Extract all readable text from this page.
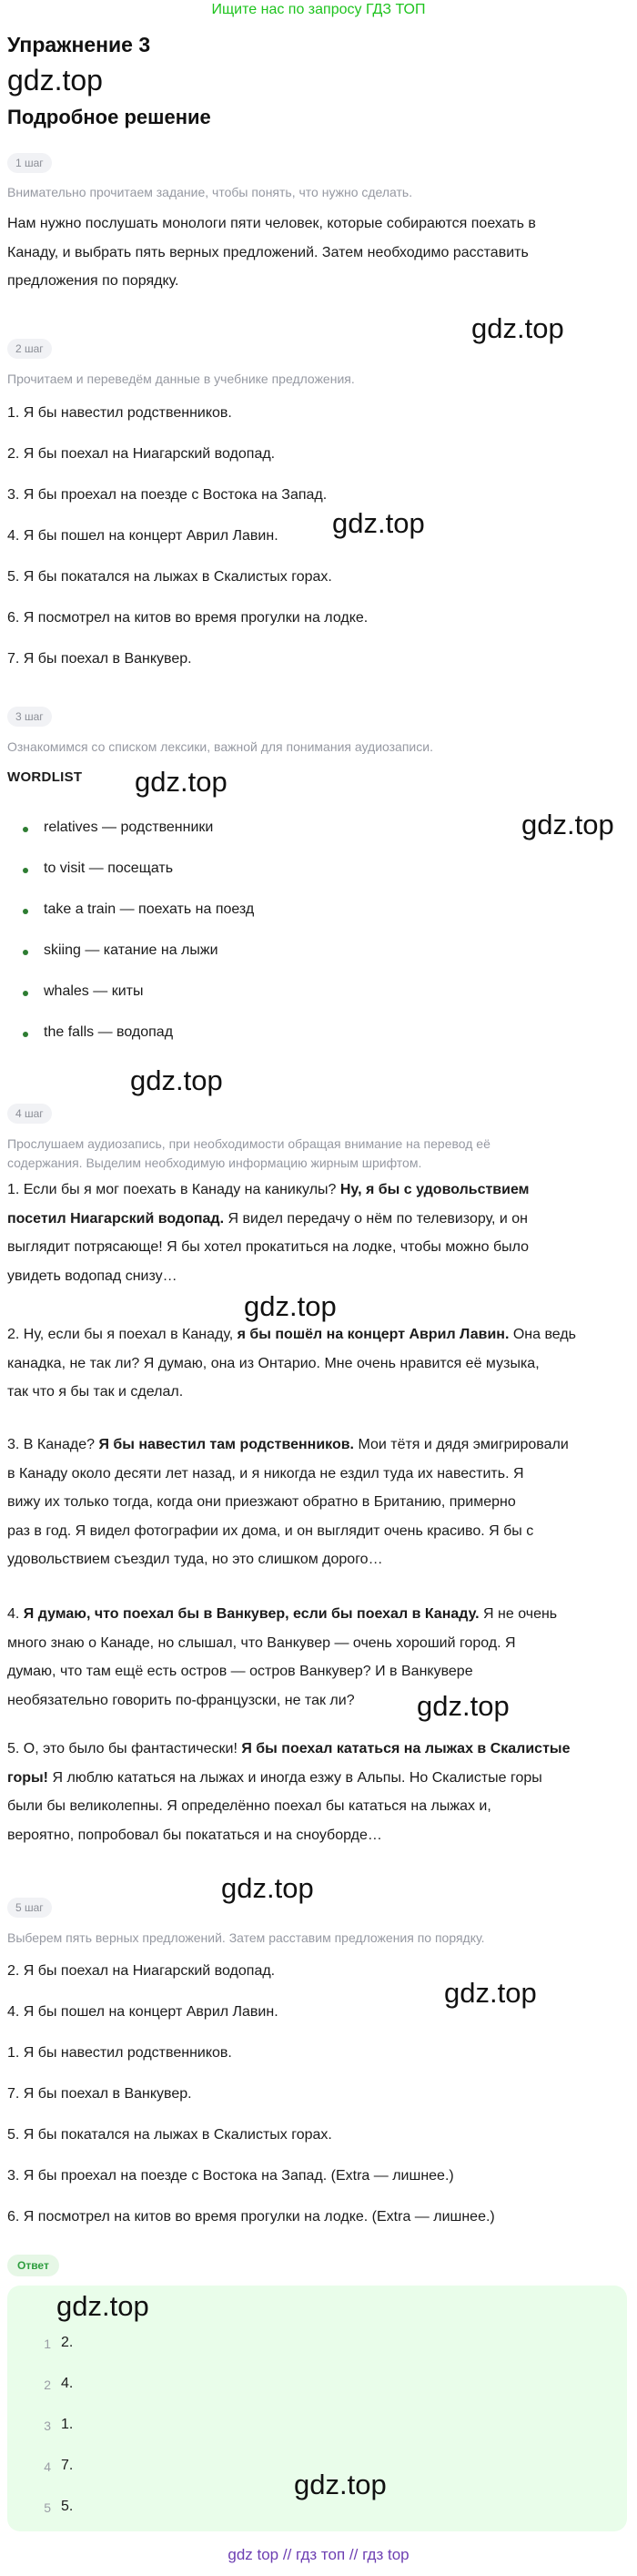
Ищите нас по запросу ГДЗ ТОП
Упражнение 3
gdz.top
Подробное решение
1 шаг
Внимательно прочитаем задание, чтобы понять, что нужно сделать.
Нам нужно послушать монологи пяти человек, которые собираются поехать в
Канаду, и выбрать пять верных предложений. Затем необходимо расставить
предложения по порядку.
gdz.top
2 шаг
Прочитаем и переведём данные в учебнике предложения.
1. Я бы навестил родственников.
2. Я бы поехал на Ниагарский водопад.
3. Я бы проехал на поезде с Востока на Запад.
4. Я бы пошел на концерт Аврил Лавин. gdz.top
5. Я бы покатался на лыжах в Скалистых горах.
6. Я посмотрел на китов во время прогулки на лодке.
7. Я бы поехал в Ванкувер.
3 шаг
Ознакомимся со списком лексики, важной для понимания аудиозаписи.
WORDLIST gdz.top
gdz.top
relatives — родственники
to visit — посещать
take a train — поехать на поезд
skiing — катание на лыжи
whales — киты
the falls — водопад
gdz.top
4 шаг
Прослушаем аудиозапись, при необходимости обращая внимание на перевод её
содержания. Выделим необходимую информацию жирным шрифтом.
1. Если бы я мог поехать в Канаду на каникулы? Ну, я бы с удовольствием
посетил Ниагарский водопад. Я видел передачу о нём по телевизору, и он
выглядит потрясающе! Я бы хотел прокатиться на лодке, чтобы можно было
увидеть водопад снизу…
gdz.top
2. Ну, если бы я поехал в Канаду, я бы пошёл на концерт Аврил Лавин. Она ведь
канадка, не так ли? Я думаю, она из Онтарио. Мне очень нравится её музыка,
так что я бы так и сделал.
3. В Канаде? Я бы навестил там родственников. Мои тётя и дядя эмигрировали
в Канаду около десяти лет назад, и я никогда не ездил туда их навестить. Я
вижу их только тогда, когда они приезжают обратно в Британию, примерно
раз в год. Я видел фотографии их дома, и он выглядит очень красиво. Я бы с
удовольствием съездил туда, но это слишком дорого…
4. Я думаю, что поехал бы в Ванкувер, если бы поехал в Канаду. Я не очень
много знаю о Канаде, но слышал, что Ванкувер — очень хороший город. Я
думаю, что там ещё есть остров — остров Ванкувер? И в Ванкувере
необязательно говорить по-французски, не так ли?	gdz.top
5. О, это было бы фантастически! Я бы поехал кататься на лыжах в Скалистые
горы! Я люблю кататься на лыжах и иногда езжу в Альпы. Но Скалистые горы
были бы великолепны. Я определённо поехал бы кататься на лыжах и,
вероятно, попробовал бы покататься и на сноуборде…
gdz.top
5 шаг
Выберем пять верных предложений. Затем расставим предложения по порядку.
2. Я бы поехал на Ниагарский водопад.
gdz.top
4. Я бы пошел на концерт Аврил Лавин.
1. Я бы навестил родственников.
7. Я бы поехал в Ванкувер.
5. Я бы покатался на лыжах в Скалистых горах.
3. Я бы проехал на поезде с Востока на Запад. (Extra — лишнее.)
6. Я посмотрел на китов во время прогулки на лодке. (Extra — лишнее.)
Ответ
gdz.top
1 2.
2 4.
3 1.
4 7.
5 5.
gdz.top
gdz top // гдз топ // гдз top
